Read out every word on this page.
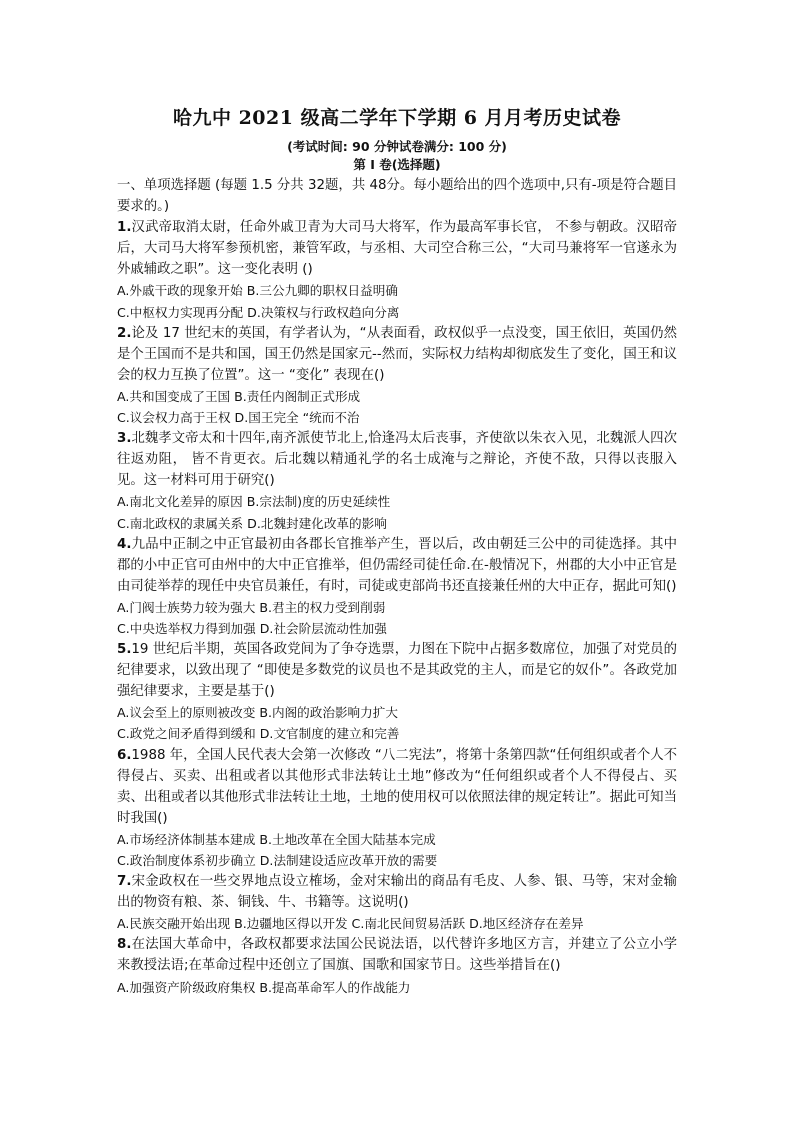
哈九中 2021 级高二学年下学期 6 月月考历史试卷
(考试时间: 90 分钟试卷满分: 100 分)
第 I 卷(选择题)

一、单项选择题 (每题 1.5 分共 32题，共 48分。每小题给出的四个选项中,只有-项是符合题目要求的。)

1.汉武帝取消太尉，任命外戚卫青为大司马大将军，作为最高军事长官， 不参与朝政。汉昭帝后，大司马大将军参预机密，兼管军政，与丞相、大司空合称三公，“大司马兼将军一官遂永为外戚辅政之职”。这一变化表明 ()

A.外戚干政的现象开始 B.三公九卿的职权日益明确

C.中枢权力实现再分配 D.决策权与行政权趋向分离

2.论及 17 世纪末的英国，有学者认为，“从表面看，政权似乎一点没变，国王依旧，英国仍然是个王国而不是共和国，国王仍然是国家元--然而，实际权力结构却彻底发生了变化，国王和议会的权力互换了位置”。这一 “变化” 表现在()

A.共和国变成了王国 B.责任内阁制正式形成

C.议会权力高于王权 D.国王完全 “统而不治

3.北魏孝文帝太和十四年,南齐派使节北上,恰逢冯太后丧事，齐使欲以朱衣入见，北魏派人四次往返劝阻， 皆不肯更衣。后北魏以精通礼学的名士成淹与之辩论，齐使不敌，只得以丧服入见。这一材料可用于研究()

A.南北文化差异的原因 B.宗法制)度的历史延续性

C.南北政权的隶属关系 D.北魏封建化改革的影响

4.九品中正制之中正官最初由各郡长官推举产生，晋以后，改由朝廷三公中的司徒选择。其中郡的小中正官可由州中的大中正官推举，但仍需经司徒任命.在-般情况下，州郡的大小中正官是由司徒举荐的现任中央官员兼任，有时，司徒或吏部尚书还直接兼任州的大中正存，据此可知()

A.门阀士族势力较为强大 B.君主的权力受到削弱

C.中央选举权力得到加强 D.社会阶层流动性加强

5.19 世纪后半期，英国各政党间为了争夺选票，力图在下院中占据多数席位，加强了对党员的纪律要求，以致出现了 “即使是多数党的议员也不是其政党的主人，而是它的奴仆”。各政党加强纪律要求，主要是基于()

A.议会至上的原则被改变 B.内阁的政治影响力扩大

C.政党之间矛盾得到缓和 D.文官制度的建立和完善

6.1988 年，全国人民代表大会第一次修改 “八二宪法”，将第十条第四款“任何组织或者个人不得侵占、买卖、出租或者以其他形式非法转让土地”修改为“任何组织或者个人不得侵占、买卖、出租或者以其他形式非法转让土地，土地的使用权可以依照法律的规定转让”。据此可知当时我国()

A.市场经济体制基本建成 B.土地改革在全国大陆基本完成

C.政治制度体系初步确立 D.法制建设适应改革开放的需要

7.宋金政权在一些交界地点设立榷场，金对宋输出的商品有毛皮、人参、银、马等，宋对金输出的物资有粮、茶、铜钱、牛、书籍等。这说明()

A.民族交融开始出现 B.边疆地区得以开发 C.南北民间贸易活跃 D.地区经济存在差异

8.在法国大革命中，各政权都要求法国公民说法语，以代替许多地区方言，并建立了公立小学来教授法语;在革命过程中还创立了国旗、国歌和国家节日。这些举措旨在()

A.加强资产阶级政府集权 B.提高革命军人的作战能力
